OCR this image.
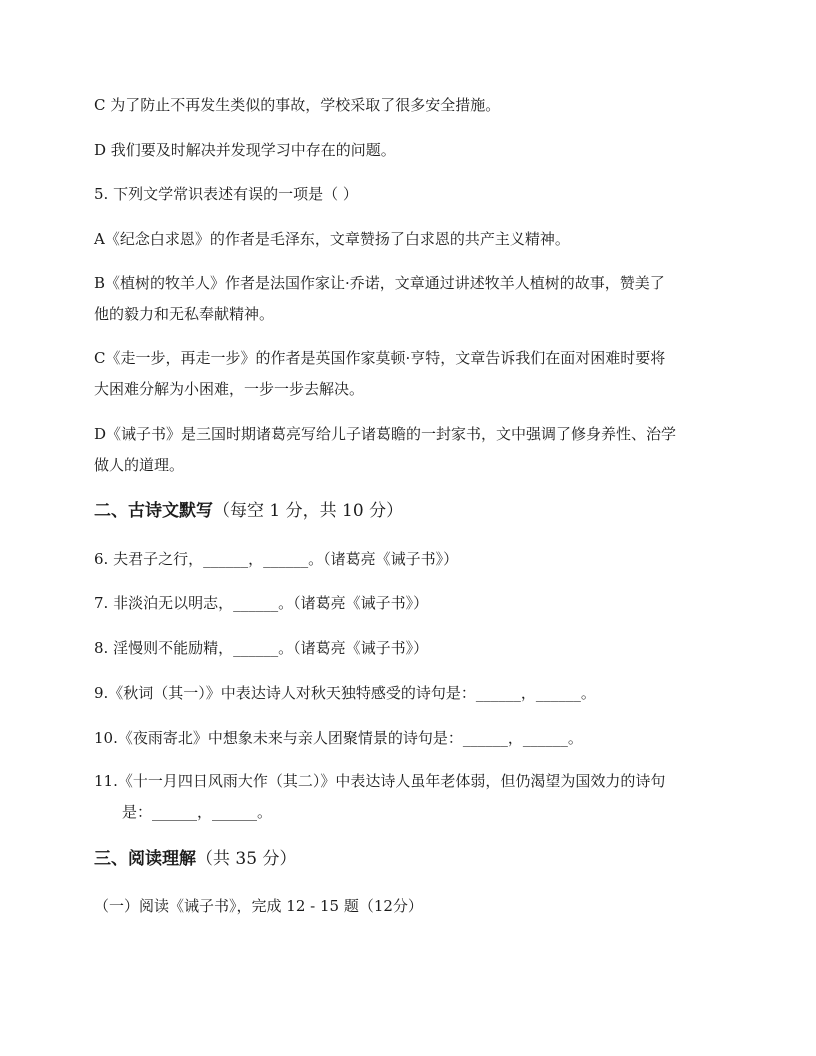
C 为了防止不再发生类似的事故，学校采取了很多安全措施。
D 我们要及时解决并发现学习中存在的问题。
5. 下列文学常识表述有误的一项是（ ）
A《纪念白求恩》的作者是毛泽东，文章赞扬了白求恩的共产主义精神。
B《植树的牧羊人》作者是法国作家让·乔诺，文章通过讲述牧羊人植树的故事，赞美了
他的毅力和无私奉献精神。
C《走一步，再走一步》的作者是英国作家莫顿·亨特，文章告诉我们在面对困难时要将
大困难分解为小困难，一步一步去解决。
D《诫子书》是三国时期诸葛亮写给儿子诸葛瞻的一封家书，文中强调了修身养性、治学
做人的道理。
二、古诗文默写（每空 1 分，共 10 分）
6. 夫君子之行，______，______。（诸葛亮《诫子书》）
7. 非淡泊无以明志，______。（诸葛亮《诫子书》）
8. 淫慢则不能励精，______。（诸葛亮《诫子书》）
9.《秋词（其一）》中表达诗人对秋天独特感受的诗句是：______，______。
10.《夜雨寄北》中想象未来与亲人团聚情景的诗句是：______，______。
11.《十一月四日风雨大作（其二）》中表达诗人虽年老体弱，但仍渴望为国效力的诗句
是：______，______。
三、阅读理解（共 35 分）
（一）阅读《诫子书》，完成 12 - 15 题（12分）
